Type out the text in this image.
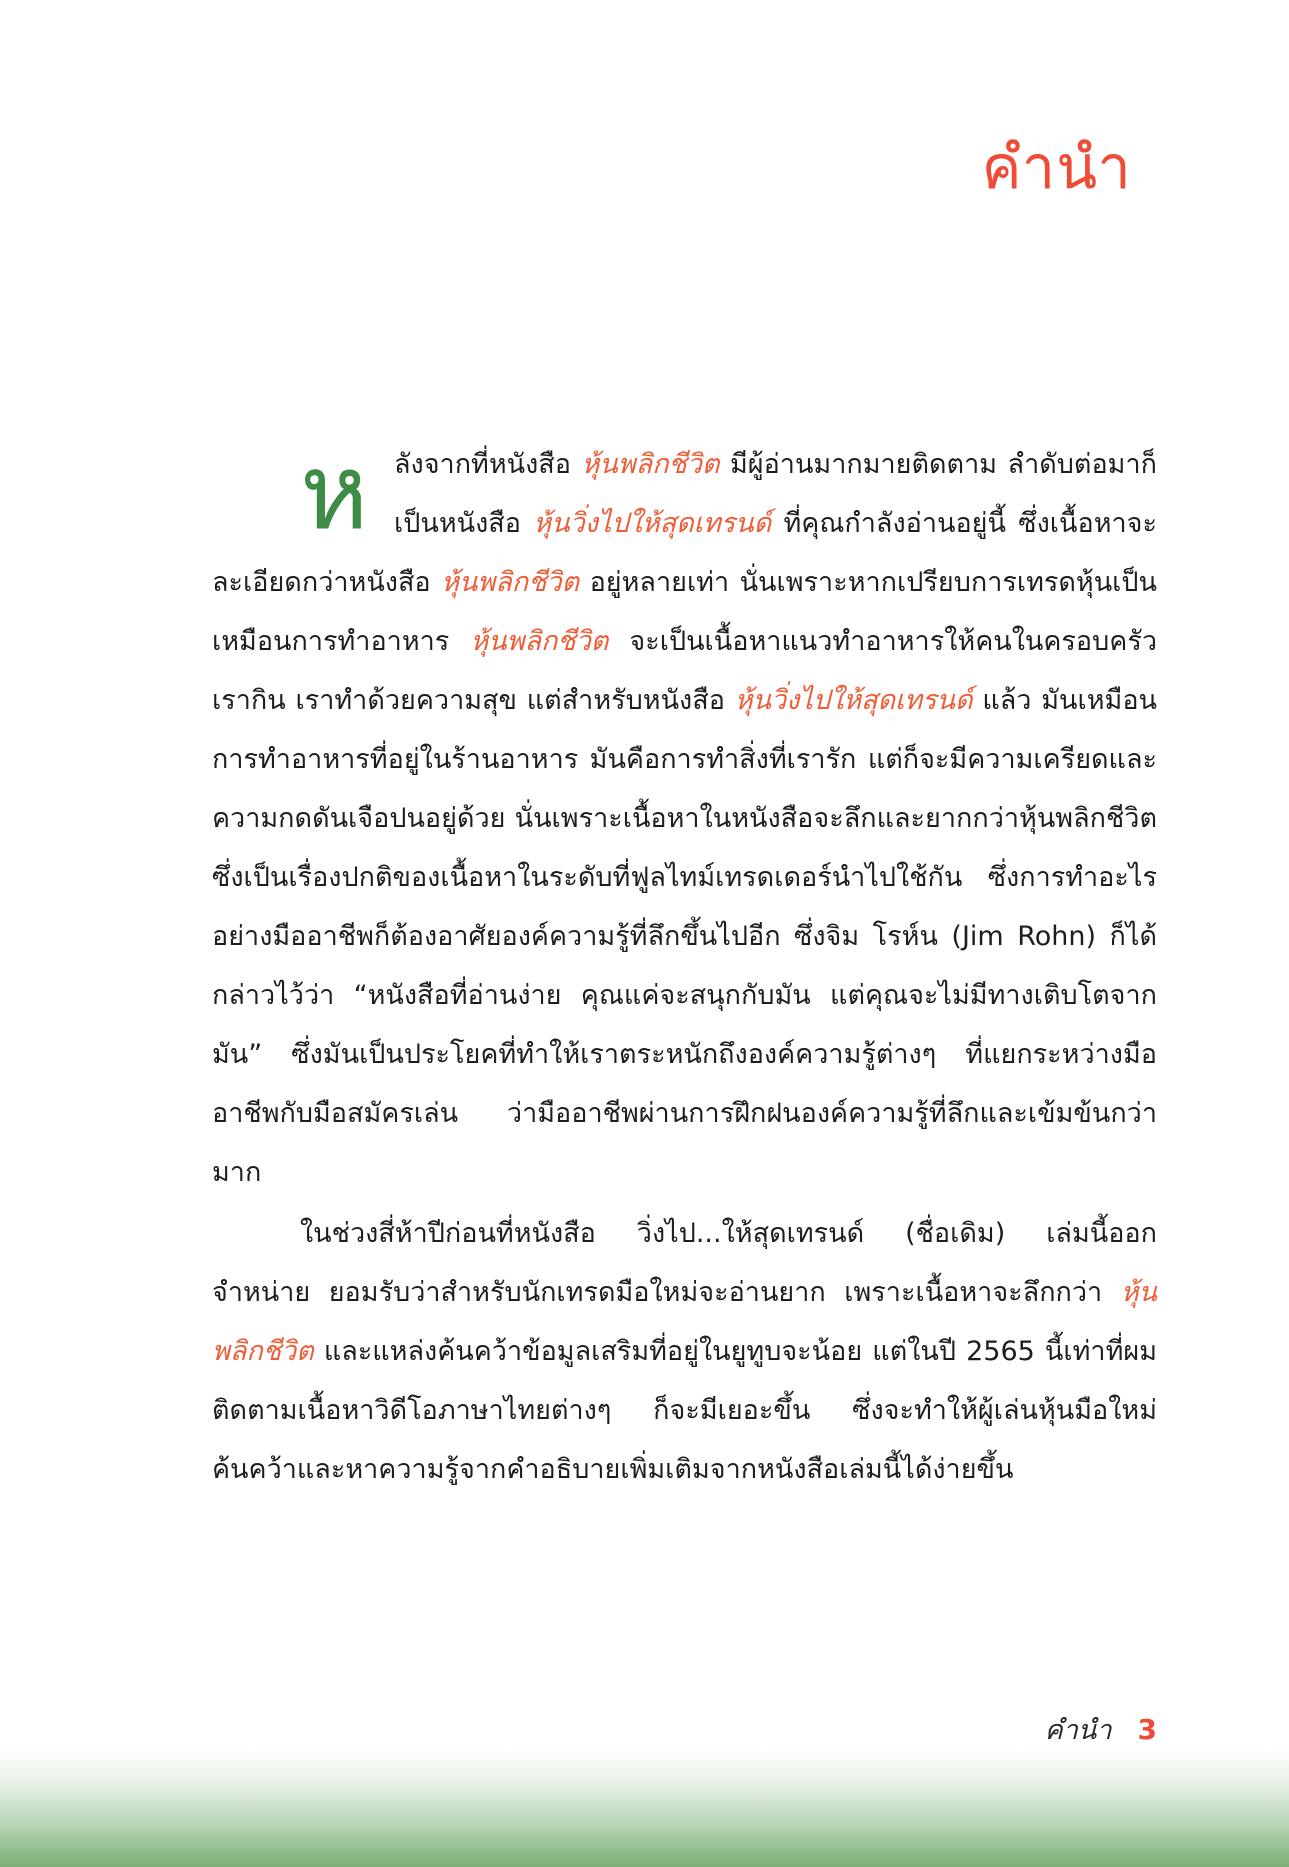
คำนำ

ห ลังจากที่หนังสือ หุ้นพลิกชีวิต มีผู้อ่านมากมายติดตาม ลำดับต่อมาก็เป็นหนังสือ หุ้นวิ่งไปให้สุดเทรนด์ ที่คุณกำลังอ่านอยู่นี้ ซึ่งเนื้อหาจะละเอียดกว่าหนังสือ หุ้นพลิกชีวิต อยู่หลายเท่า นั่นเพราะหากเปรียบการเทรดหุ้นเป็นเหมือนการทำอาหาร หุ้นพลิกชีวิต จะเป็นเนื้อหาแนวทำอาหารให้คนในครอบครัวเรากิน เราทำด้วยความสุข แต่สำหรับหนังสือ หุ้นวิ่งไปให้สุดเทรนด์ แล้ว มันเหมือนการทำอาหารที่อยู่ในร้านอาหาร มันคือการทำสิ่งที่เรารัก แต่ก็จะมีความเครียดและความกดดันเจือปนอยู่ด้วย นั่นเพราะเนื้อหาในหนังสือจะลึกและยากกว่าหุ้นพลิกชีวิต ซึ่งเป็นเรื่องปกติของเนื้อหาในระดับที่ฟูลไทม์เทรดเดอร์นำไปใช้กัน ซึ่งการทำอะไรอย่างมืออาชีพก็ต้องอาศัยองค์ความรู้ที่ลึกขึ้นไปอีก ซึ่งจิม โรห์น (Jim Rohn) ก็ได้กล่าวไว้ว่า “หนังสือที่อ่านง่าย คุณแค่จะสนุกกับมัน แต่คุณจะไม่มีทางเติบโตจากมัน” ซึ่งมันเป็นประโยคที่ทำให้เราตระหนักถึงองค์ความรู้ต่างๆ ที่แยกระหว่างมืออาชีพกับมือสมัครเล่น ว่ามืออาชีพผ่านการฝึกฝนองค์ความรู้ที่ลึกและเข้มข้นกว่ามาก

ในช่วงสี่ห้าปีก่อนที่หนังสือ วิ่งไป...ให้สุดเทรนด์ (ชื่อเดิม) เล่มนี้ออกจำหน่าย ยอมรับว่าสำหรับนักเทรดมือใหม่จะอ่านยาก เพราะเนื้อหาจะลึกกว่า หุ้นพลิกชีวิต และแหล่งค้นคว้าข้อมูลเสริมที่อยู่ในยูทูบจะน้อย แต่ในปี 2565 นี้เท่าที่ผมติดตามเนื้อหาวิดีโอภาษาไทยต่างๆ ก็จะมีเยอะขึ้น ซึ่งจะทำให้ผู้เล่นหุ้นมือใหม่ค้นคว้าและหาความรู้จากคำอธิบายเพิ่มเติมจากหนังสือเล่มนี้ได้ง่ายขึ้น

คำนำ 3
